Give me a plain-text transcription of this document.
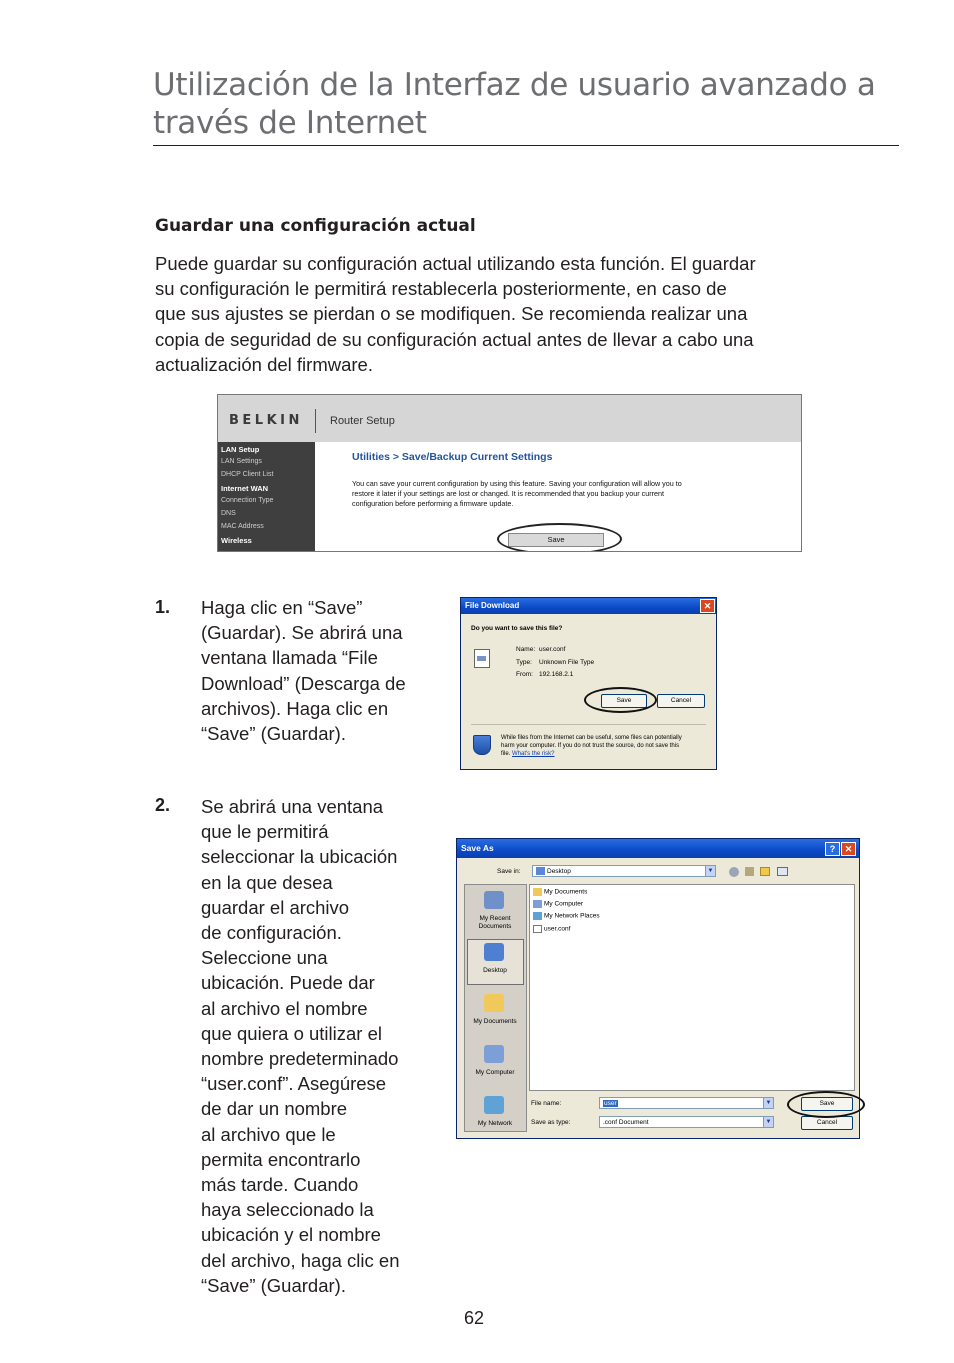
Utilización de la Interfaz de usuario avanzado a
través de Internet
Guardar una configuración actual
Puede guardar su configuración actual utilizando esta función. El guardar
su configuración le permitirá restablecerla posteriormente, en caso de
que sus ajustes se pierdan o se modifiquen. Se recomienda realizar una
copia de seguridad de su configuración actual antes de llevar a cabo una
actualización del firmware.
BELKIN Router Setup
LAN Setup
LAN Settings
DHCP Client List
Internet WAN
Connection Type
DNS
MAC Address
Wireless
Utilities > Save/Backup Current Settings
You can save your current configuration by using this feature. Saving your configuration will allow you to
restore it later if your settings are lost or changed. It is recommended that you backup your current
configuration before performing a firmware update.
Save
1. Haga clic en “Save”
(Guardar). Se abrirá una
ventana llamada “File
Download” (Descarga de
archivos). Haga clic en
“Save” (Guardar).
File Download	✕
Do you want to save this file?
Name: user.conf
Type: Unknown File Type
From: 192.168.2.1
Save	Cancel
While files from the Internet can be useful, some files can potentially
harm your computer. If you do not trust the source, do not save this
file. What's the risk?
2. Se abrirá una ventana
que le permitirá
seleccionar la ubicación
en la que desea
guardar el archivo
de configuración.
Seleccione una
ubicación. Puede dar
al archivo el nombre
que quiera o utilizar el
nombre predeterminado
“user.conf”. Asegúrese
de dar un nombre
al archivo que le
permita encontrarlo
más tarde. Cuando
haya seleccionado la
ubicación y el nombre
del archivo, haga clic en
“Save” (Guardar).
Save As	?	✕
Save in:	Desktop	▼
My Recent Documents
Desktop
My Documents
My Computer
My Network
My Documents
My Computer
My Network Places
user.conf
File name:	user	▼	Save
Save as type:	.conf Document	▼	Cancel
62
